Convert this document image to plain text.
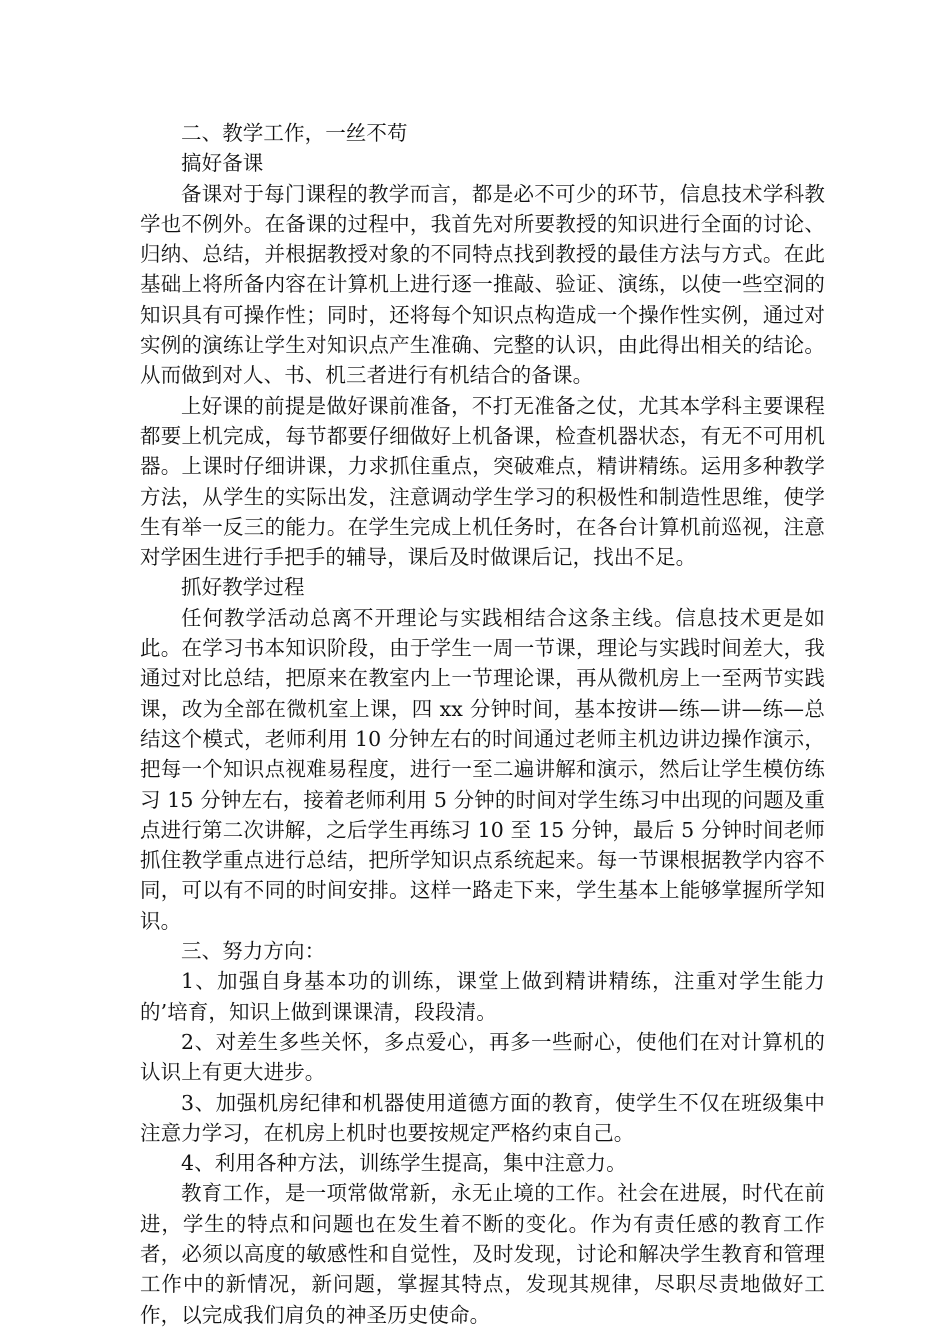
二、教学工作，一丝不苟

搞好备课

备课对于每门课程的教学而言，都是必不可少的环节，信息技术学科教学也不例外。在备课的过程中，我首先对所要教授的知识进行全面的讨论、归纳、总结，并根据教授对象的不同特点找到教授的最佳方法与方式。在此基础上将所备内容在计算机上进行逐一推敲、验证、演练，以使一些空洞的知识具有可操作性；同时，还将每个知识点构造成一个操作性实例，通过对实例的演练让学生对知识点产生准确、完整的认识，由此得出相关的结论。从而做到对人、书、机三者进行有机结合的备课。

上好课的前提是做好课前准备，不打无准备之仗，尤其本学科主要课程都要上机完成，每节都要仔细做好上机备课，检查机器状态，有无不可用机器。上课时仔细讲课，力求抓住重点，突破难点，精讲精练。运用多种教学方法，从学生的实际出发，注意调动学生学习的积极性和制造性思维，使学生有举一反三的能力。在学生完成上机任务时，在各台计算机前巡视，注意对学困生进行手把手的辅导，课后及时做课后记，找出不足。

抓好教学过程

任何教学活动总离不开理论与实践相结合这条主线。信息技术更是如此。在学习书本知识阶段，由于学生一周一节课，理论与实践时间差大，我通过对比总结，把原来在教室内上一节理论课，再从微机房上一至两节实践课，改为全部在微机室上课，四 xx 分钟时间，基本按讲—练—讲—练—总结这个模式，老师利用 10 分钟左右的时间通过老师主机边讲边操作演示，把每一个知识点视难易程度，进行一至二遍讲解和演示，然后让学生模仿练习 15 分钟左右，接着老师利用 5 分钟的时间对学生练习中出现的问题及重点进行第二次讲解，之后学生再练习 10 至 15 分钟，最后 5 分钟时间老师抓住教学重点进行总结，把所学知识点系统起来。每一节课根据教学内容不同，可以有不同的时间安排。这样一路走下来，学生基本上能够掌握所学知识。

三、努力方向：

1、加强自身基本功的训练，课堂上做到精讲精练，注重对学生能力的’培育，知识上做到课课清，段段清。

2、对差生多些关怀，多点爱心，再多一些耐心，使他们在对计算机的认识上有更大进步。

3、加强机房纪律和机器使用道德方面的教育，使学生不仅在班级集中注意力学习，在机房上机时也要按规定严格约束自己。

4、利用各种方法，训练学生提高，集中注意力。

教育工作，是一项常做常新，永无止境的工作。社会在进展，时代在前进，学生的特点和问题也在发生着不断的变化。作为有责任感的教育工作者，必须以高度的敏感性和自觉性，及时发现，讨论和解决学生教育和管理工作中的新情况，新问题，掌握其特点，发现其规律，尽职尽责地做好工作，以完成我们肩负的神圣历史使命。
